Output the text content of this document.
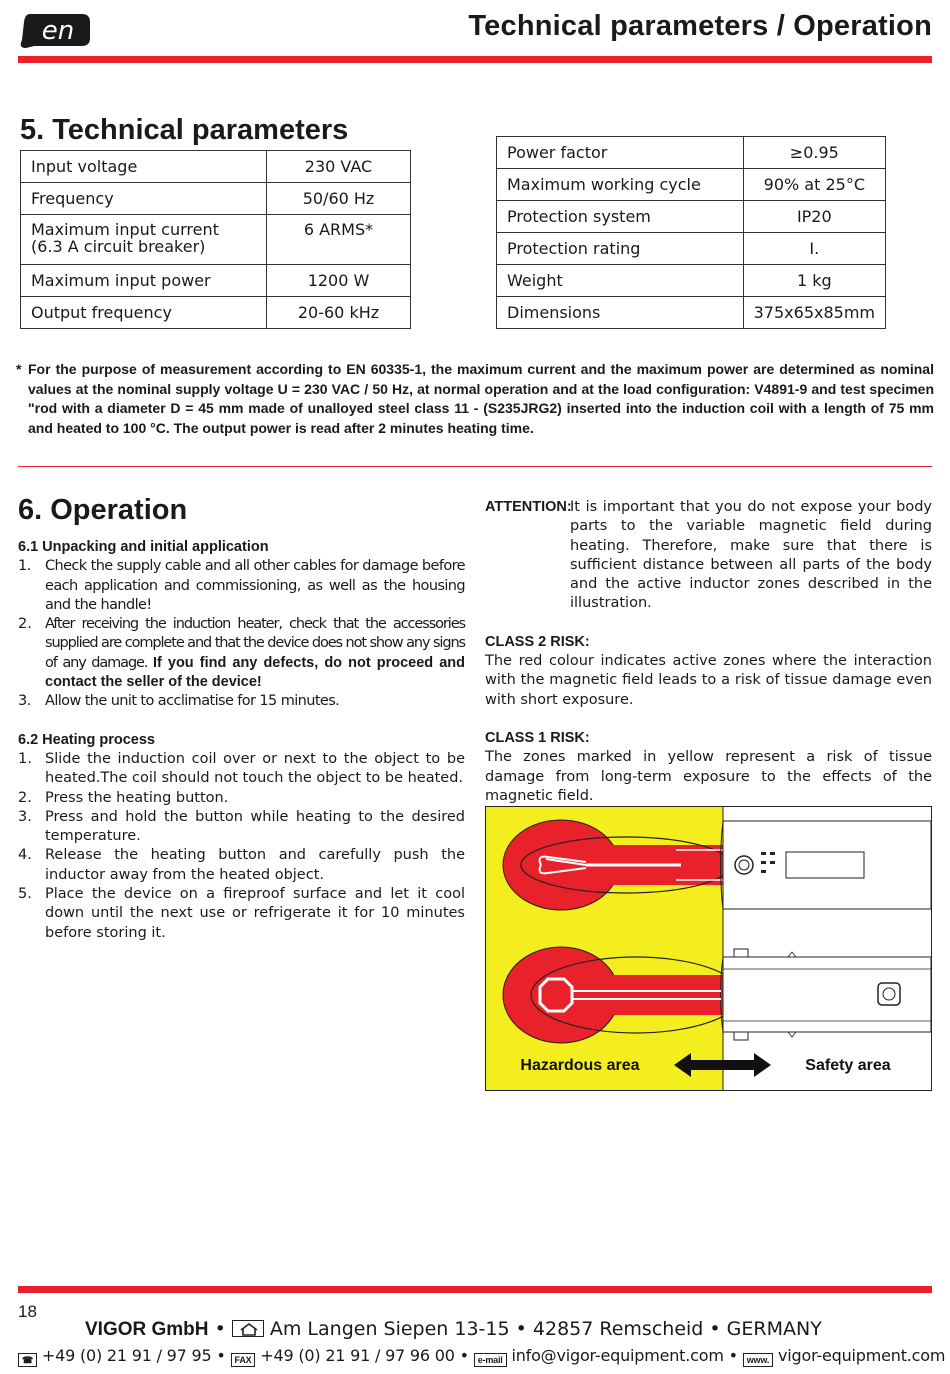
en	Technical parameters / Operation
5. Technical parameters
Input voltage	230 VAC
Frequency	50/60 Hz
Maximum input current
(6.3 A circuit breaker)	6 ARMS*
Maximum input power	1200 W
Output frequency	20-60 kHz
Power factor	≥0.95
Maximum working cycle	90% at 25°C
Protection system	IP20
Protection rating	I.
Weight	1 kg
Dimensions	375x65x85mm
* For the purpose of measurement according to EN 60335-1, the maximum current and the maximum power are determined as nominal values at the nominal supply voltage U = 230 VAC / 50 Hz, at normal operation and at the load configuration: V4891-9 and test specimen "rod with a diameter D = 45 mm made of unalloyed steel class 11 - (S235JRG2) inserted into the induction coil with a length of 75 mm and heated to 100 °C. The output power is read after 2 minutes heating time.
6. Operation
6.1 Unpacking and initial application
1. Check the supply cable and all other cables for damage before each application and commissioning, as well as the housing and the handle!
2. After receiving the induction heater, check that the accessories supplied are complete and that the device does not show any signs of any damage. If you find any defects, do not proceed and contact the seller of the device!
3. Allow the unit to acclimatise for 15 minutes.
6.2 Heating process
1. Slide the induction coil over or next to the object to be heated.The coil should not touch the object to be heated.
2. Press the heating button.
3. Press and hold the button while heating to the desired temperature.
4. Release the heating button and carefully push the inductor away from the heated object.
5. Place the device on a fireproof surface and let it cool down until the next use or refrigerate it for 10 minutes before storing it.
ATTENTION:
It is important that you do not expose your body parts to the variable magnetic field during heating. Therefore, make sure that there is sufficient distance between all parts of the body and the active inductor zones described in the illustration.
CLASS 2 RISK:
The red colour indicates active zones where the interaction with the magnetic field leads to a risk of tissue damage even with short exposure.
CLASS 1 RISK:
The zones marked in yellow represent a risk of tissue damage from long-term exposure to the effects of the magnetic field.
Hazardous area	Safety area
18
VIGOR GmbH • Am Langen Siepen 13-15 • 42857 Remscheid • GERMANY
☎ +49 (0) 21 91 / 97 95 • FAX +49 (0) 21 91 / 97 96 00 • e-mail info@vigor-equipment.com • www. vigor-equipment.com
